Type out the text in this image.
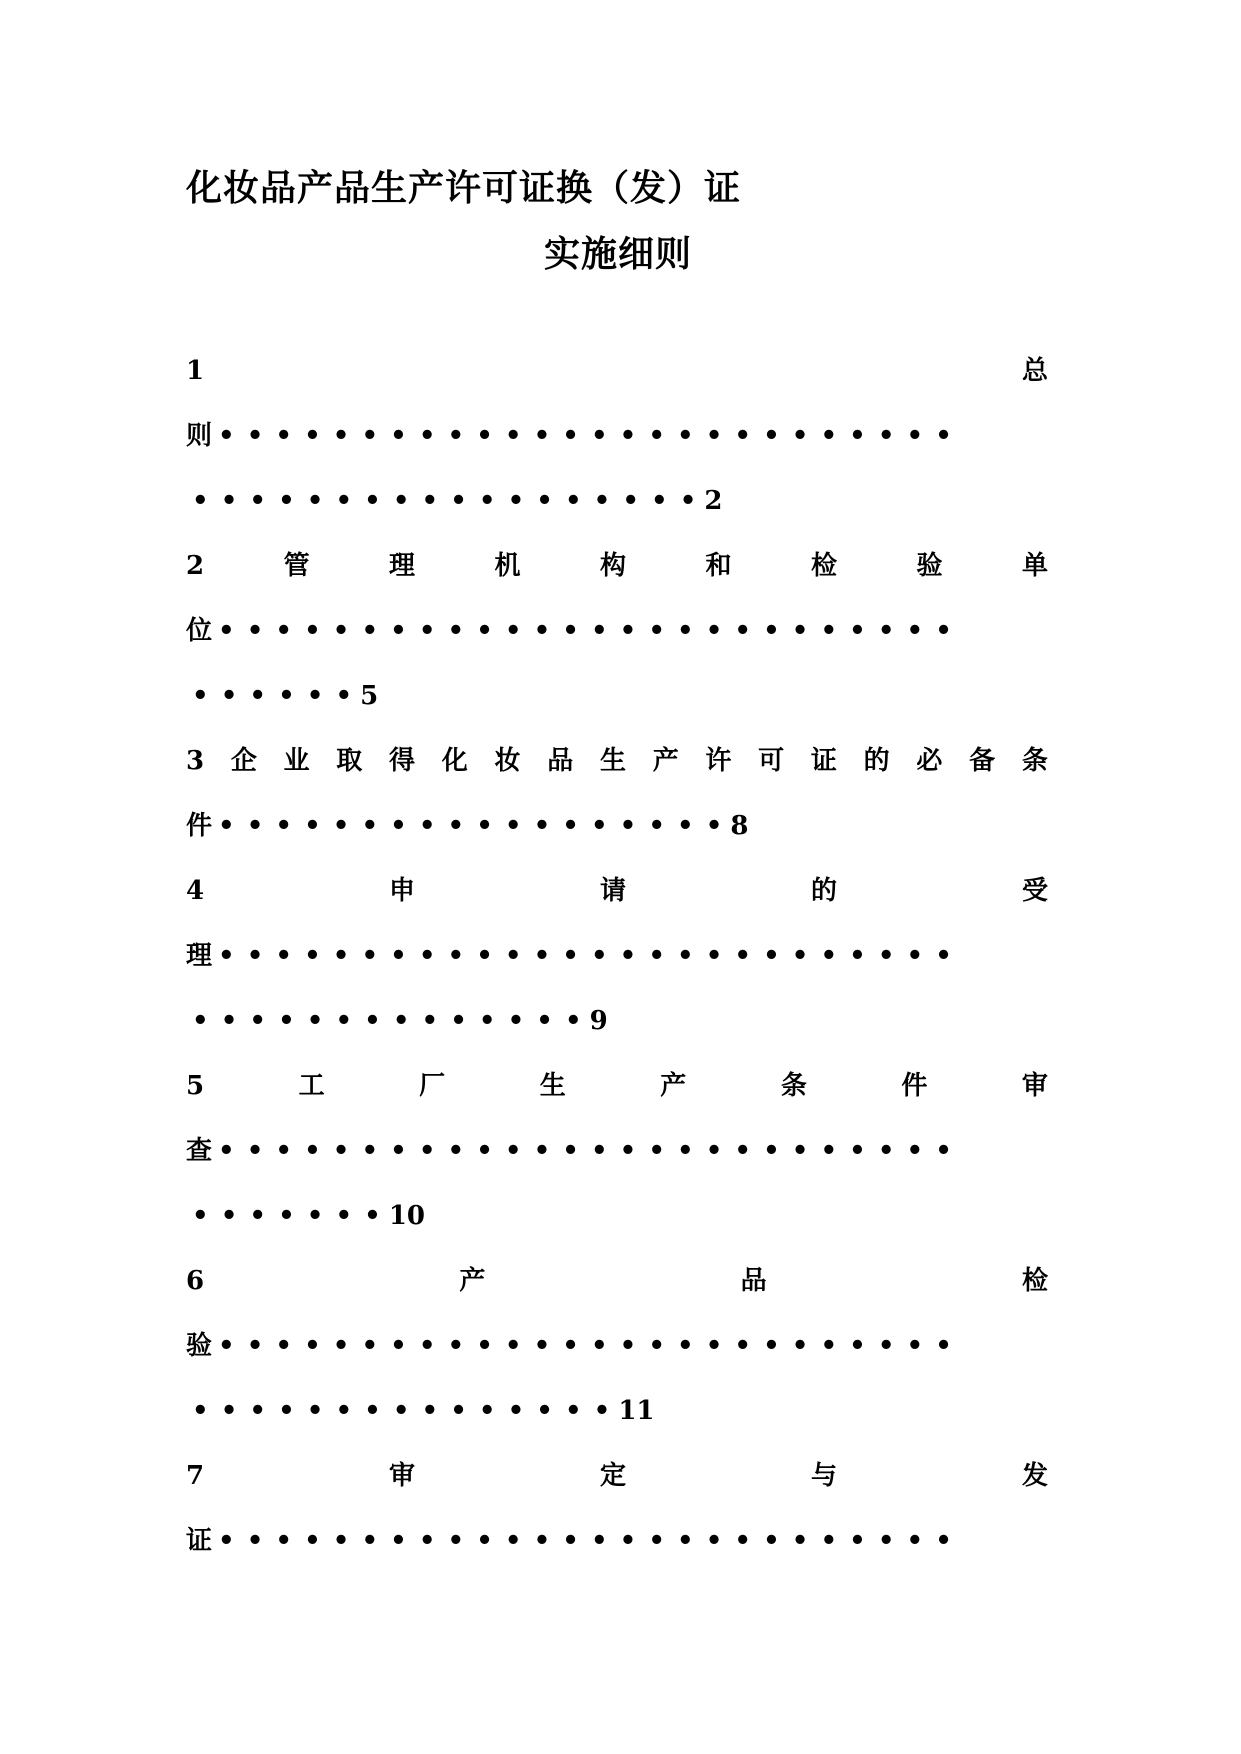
化妆品产品生产许可证换（发）证
实施细则
1	总
则 • • • • • • • • • • • • • • • • • • • • • • • • • •
• • • • • • • • • • • • • • • • • • 2
2	管	理	机	构	和	检	验	单
位 • • • • • • • • • • • • • • • • • • • • • • • • • •
• • • • • • 5
3 企 业 取 得 化 妆 品 生 产 许 可 证 的 必 备 条
件 • • • • • • • • • • • • • • • • • • 8
4	申	请	的	受
理 • • • • • • • • • • • • • • • • • • • • • • • • • •
• • • • • • • • • • • • • • 9
5	工	厂	生	产	条	件	审
查 • • • • • • • • • • • • • • • • • • • • • • • • • •
• • • • • • • 10
6	产	品	检
验 • • • • • • • • • • • • • • • • • • • • • • • • • •
• • • • • • • • • • • • • • • 11
7	审	定	与	发
证 • • • • • • • • • • • • • • • • • • • • • • • • • •
